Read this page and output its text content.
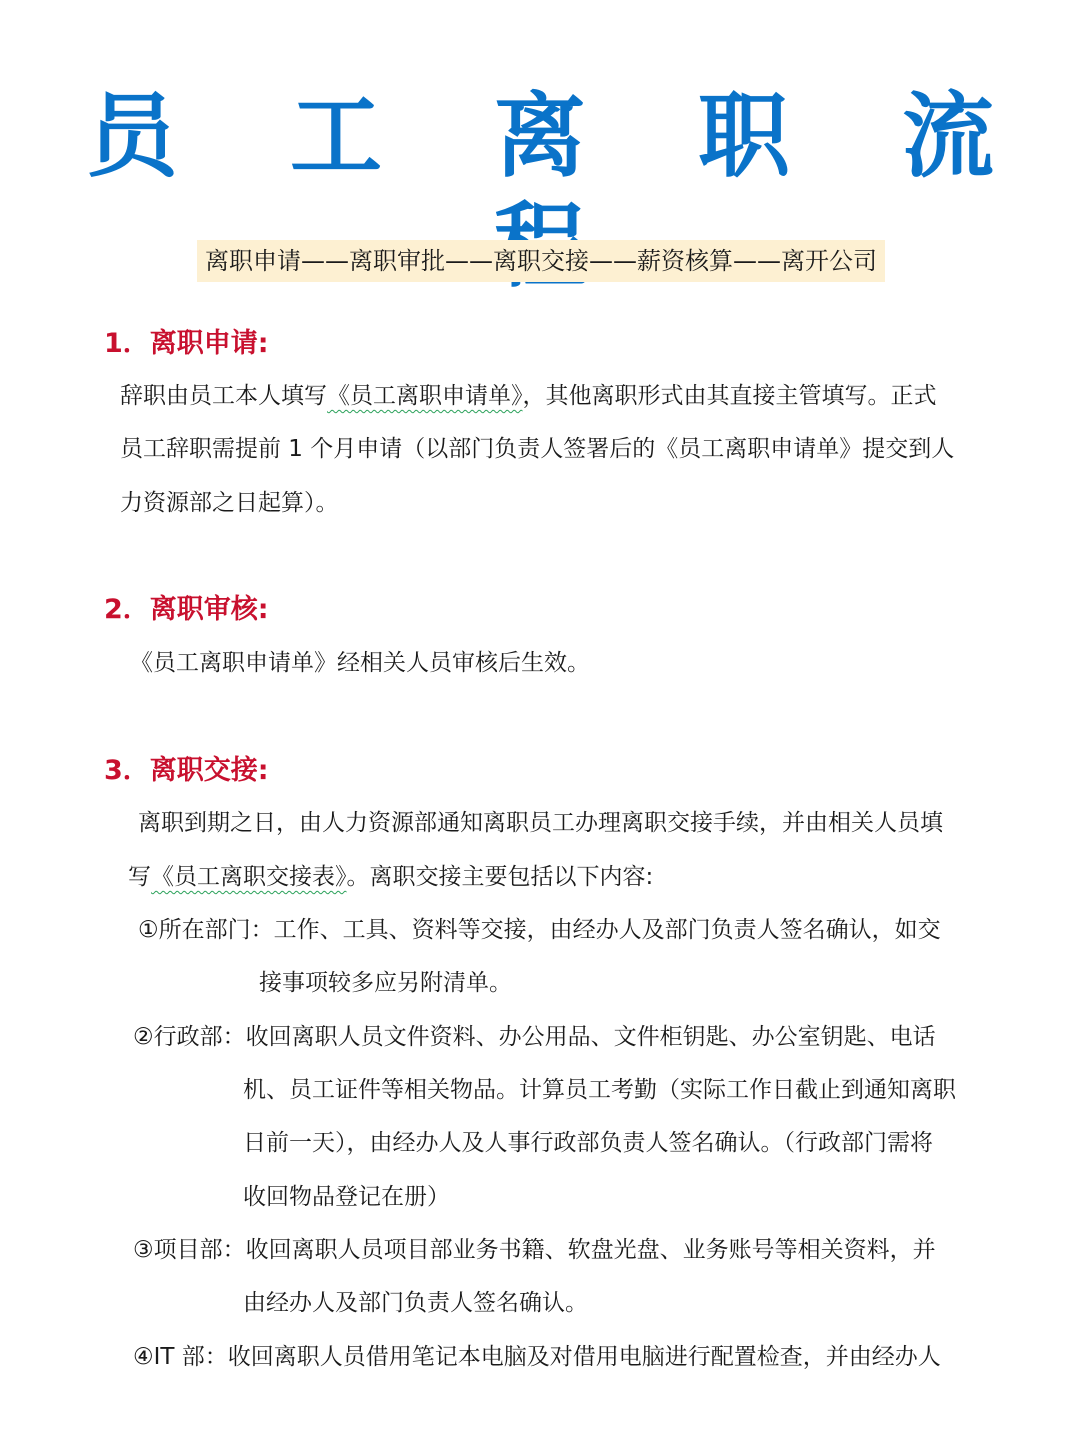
员 工 离 职 流
离职申请——离职审批——离职交接——薪资核算——离开公司
1．离职申请:
辞职由员工本人填写《员工离职申请单》，其他离职形式由其直接主管填写。正式
员工辞职需提前 1 个月申请（以部门负责人签署后的《员工离职申请单》提交到人
力资源部之日起算）。
2．离职审核:
《员工离职申请单》经相关人员审核后生效。
3．离职交接:
离职到期之日，由人力资源部通知离职员工办理离职交接手续，并由相关人员填
写《员工离职交接表》。离职交接主要包括以下内容:
①所在部门：工作、工具、资料等交接，由经办人及部门负责人签名确认，如交
接事项较多应另附清单。
②行政部：收回离职人员文件资料、办公用品、文件柜钥匙、办公室钥匙、电话
机、员工证件等相关物品。计算员工考勤（实际工作日截止到通知离职
日前一天），由经办人及人事行政部负责人签名确认。（行政部门需将
收回物品登记在册）
③项目部：收回离职人员项目部业务书籍、软盘光盘、业务账号等相关资料，并
由经办人及部门负责人签名确认。
④IT 部：收回离职人员借用笔记本电脑及对借用电脑进行配置检查，并由经办人
